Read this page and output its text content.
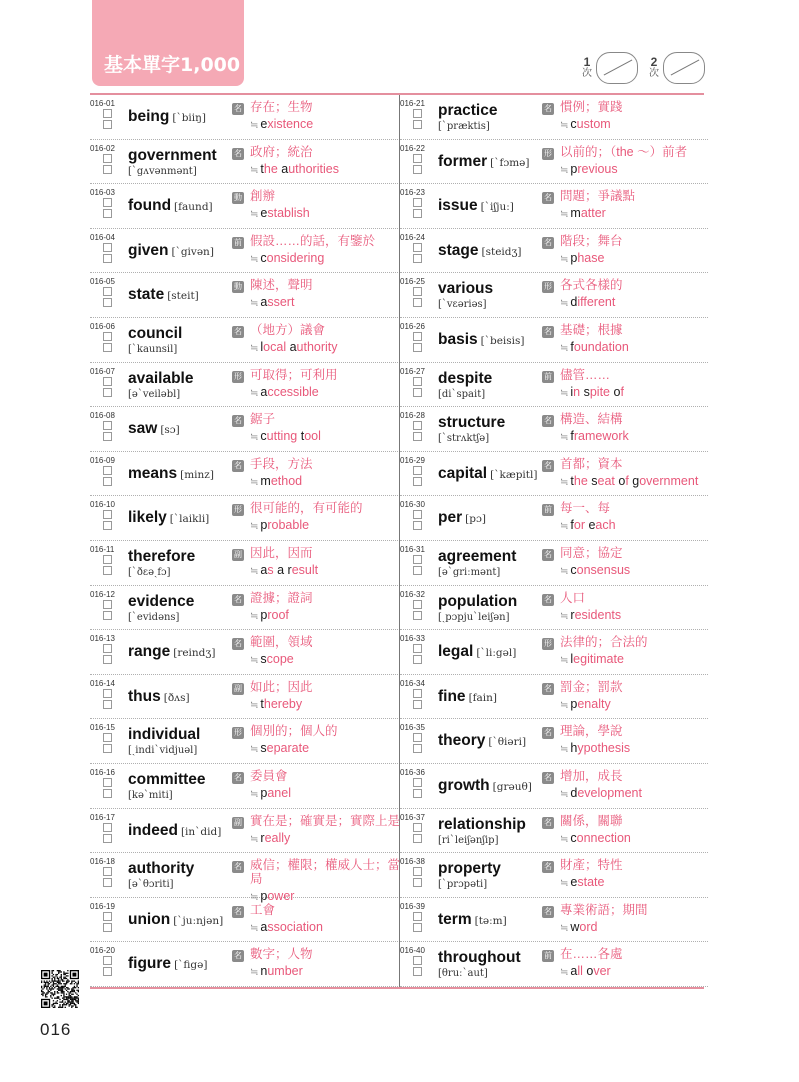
基本單字1,000	1
次
2
次
016-01
being [ˋbiiŋ]
名 存在；生物
≒ existence
016-02 government
[ˋgʌvənmənt]
名 政府；統治
≒ the authorities
016-03
found [faund]
動 創辦
≒ establish
016-04
given [ˋgivən]
前 假設……的話，有鑒於
≒ considering
016-05
state [steit]
動 陳述，聲明
≒ assert
016-06 council
[ˋkaunsil]
名 （地方）議會
≒ local authority
016-07 available
[əˋveiləbl]
形 可取得；可利用
≒ accessible
016-08
saw [sɔ]
名 鋸子
≒ cutting tool
016-09
means [minz]
名 手段，方法
≒ method
016-10
likely [ˋlaikli]
形 很可能的，有可能的
≒ probable
016-11 therefore
[ˋðɛəˏfɔ]
副 因此，因而
≒ as a result
016-12 evidence
[ˋevidəns]
名 證據；證詞
≒ proof
016-13
range [reindʒ]
名 範圍，領域
≒ scope
016-14
thus [ðʌs]
副 如此；因此
≒ thereby
016-15 individual
[ˏindiˋvidjuəl]
形 個別的；個人的
≒ separate
016-16 committee
[kəˋmiti]
名 委員會
≒ panel
016-17
indeed [inˋdid]
副 實在是；確實是；實際上是
≒ really
016-18 authority
[əˋθɔriti]
名 威信；權限；權威人士；當局
≒ power
016-19
union [ˋjuːnjən]
名 工會
≒ association
016-20
figure [ˋfigə]
名 數字；人物
≒ number
016-21 practice
[ˋpræktis]
名 慣例；實踐
≒ custom
016-22
former [ˋfɔmə]
形 以前的；（the ～）前者
≒ previous
016-23
issue [ˋiʃjuː]
名 問題；爭議點
≒ matter
016-24
stage [steidʒ]
名 階段；舞台
≒ phase
016-25 various
[ˋvɛəriəs]
形 各式各樣的
≒ different
016-26
basis [ˋbeisis]
名 基礎；根據
≒ foundation
016-27 despite
[diˋspait]
前 儘管……
≒ in spite of
016-28 structure
[ˋstrʌktʃə]
名 構造、結構
≒ framework
016-29
capital [ˋkæpitl]
名 首都；資本
≒ the seat of government
016-30
per [pɔ]
前 每一、每
≒ for each
016-31 agreement
[əˋgriːmənt]
名 同意；協定
≒ consensus
016-32 population
[ˏpɔpjuˋleiʃən]
名 人口
≒ residents
016-33
legal [ˋliːgəl]
形 法律的；合法的
≒ legitimate
016-34
fine [fain]
名 罰金；罰款
≒ penalty
016-35
theory [ˋθiəri]
名 理論，學說
≒ hypothesis
016-36
growth [grəuθ]
名 增加，成長
≒ development
016-37 relationship
[riˋleiʃənʃip]
名 關係，關聯
≒ connection
016-38 property
[ˋprɔpəti]
名 財產；特性
≒ estate
016-39
term [təːm]
名 專業術語；期間
≒ word
016-40 throughout
[θruːˋaut]
前 在……各處
≒ all over
016
